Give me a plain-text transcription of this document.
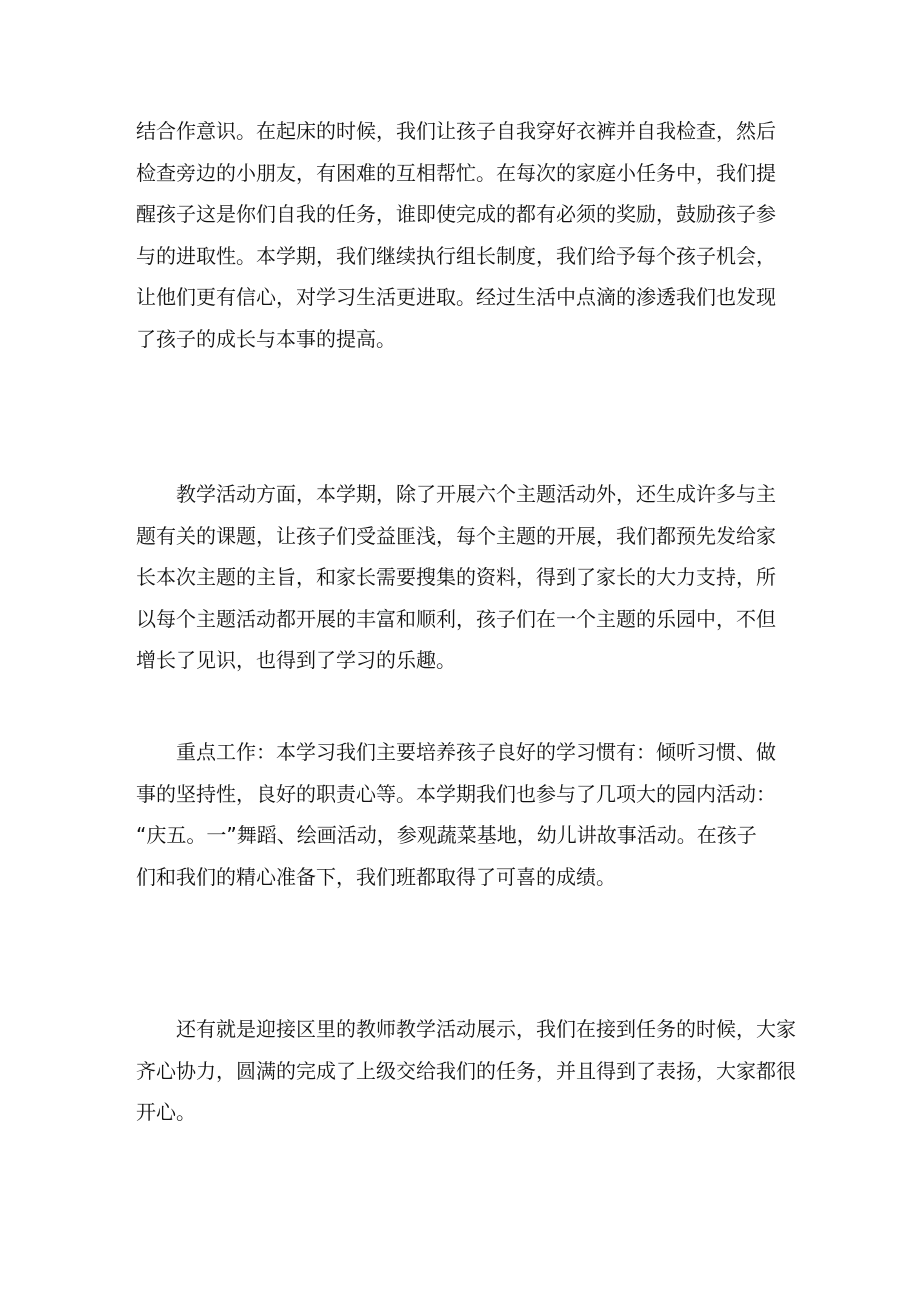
结合作意识。在起床的时候，我们让孩子自我穿好衣裤并自我检查，然后
检查旁边的小朋友，有困难的互相帮忙。在每次的家庭小任务中，我们提
醒孩子这是你们自我的任务，谁即使完成的都有必须的奖励，鼓励孩子参
与的进取性。本学期，我们继续执行组长制度，我们给予每个孩子机会，
让他们更有信心，对学习生活更进取。经过生活中点滴的渗透我们也发现
了孩子的成长与本事的提高。
教学活动方面，本学期，除了开展六个主题活动外，还生成许多与主
题有关的课题，让孩子们受益匪浅，每个主题的开展，我们都预先发给家
长本次主题的主旨，和家长需要搜集的资料，得到了家长的大力支持，所
以每个主题活动都开展的丰富和顺利，孩子们在一个主题的乐园中，不但
增长了见识，也得到了学习的乐趣。
重点工作：本学习我们主要培养孩子良好的学习惯有：倾听习惯、做
事的坚持性，良好的职责心等。本学期我们也参与了几项大的园内活动：
“庆五。一”舞蹈、绘画活动，参观蔬菜基地，幼儿讲故事活动。在孩子
们和我们的精心准备下，我们班都取得了可喜的成绩。
还有就是迎接区里的教师教学活动展示，我们在接到任务的时候，大家
齐心协力，圆满的完成了上级交给我们的任务，并且得到了表扬，大家都很
开心。
